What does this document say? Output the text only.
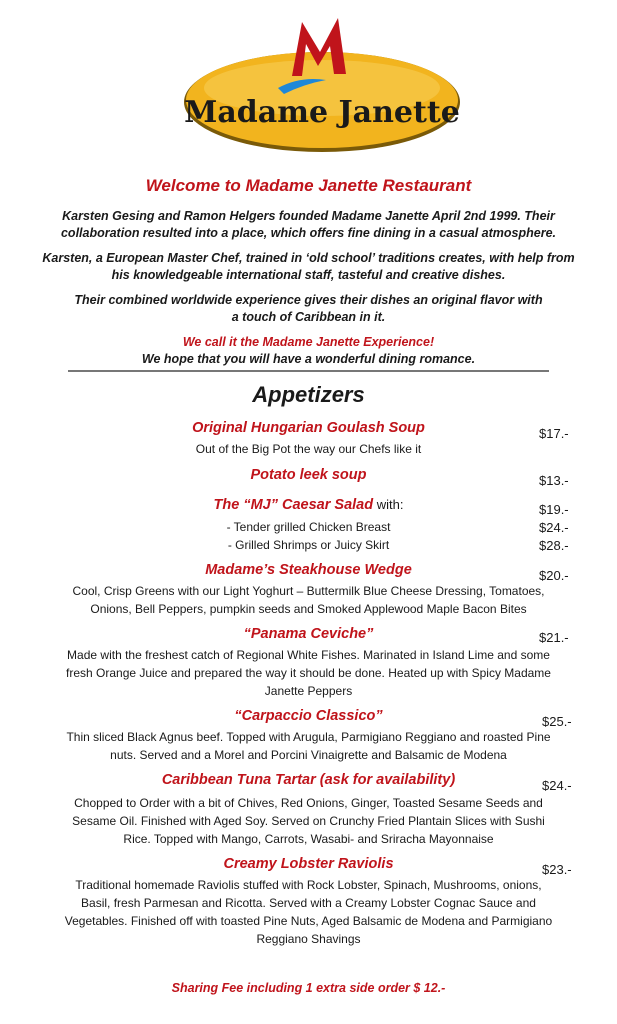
Madame Janette
Welcome to Madame Janette Restaurant

Karsten Gesing and Ramon Helgers founded Madame Janette April 2nd 1999. Their collaboration resulted into a place, which offers fine dining in a casual atmosphere.

Karsten, a European Master Chef, trained in ‘old school’ traditions creates, with help from his knowledgeable international staff, tasteful and creative dishes.

Their combined worldwide experience gives their dishes an original flavor with a touch of Caribbean in it.

We call it the Madame Janette Experience!

We hope that you will have a wonderful dining romance.

Appetizers
Original Hungarian Goulash Soup	$17.-

Out of the Big Pot the way our Chefs like it

Potato leek soup	$13.-
The “MJ” Caesar Salad with:	$19.-
- Tender grilled Chicken Breast	$24.-
- Grilled Shrimps or Juicy Skirt	$28.-
Madame’s Steakhouse Wedge	$20.-

Cool, Crisp Greens with our Light Yoghurt – Buttermilk Blue Cheese Dressing, Tomatoes, Onions, Bell Peppers, pumpkin seeds and Smoked Applewood Maple Bacon Bites

“Panama Ceviche”	$21.-

Made with the freshest catch of Regional White Fishes. Marinated in Island Lime and some fresh Orange Juice and prepared the way it should be done. Heated up with Spicy Madame Janette Peppers

“Carpaccio Classico”	$25.-

Thin sliced Black Agnus beef. Topped with Arugula, Parmigiano Reggiano and roasted Pine nuts. Served and a Morel and Porcini Vinaigrette and Balsamic de Modena

Caribbean Tuna Tartar (ask for availability)	$24.-

Chopped to Order with a bit of Chives, Red Onions, Ginger, Toasted Sesame Seeds and Sesame Oil. Finished with Aged Soy. Served on Crunchy Fried Plantain Slices with Sushi Rice. Topped with Mango, Carrots, Wasabi- and Sriracha Mayonnaise

Creamy Lobster Raviolis	$23.-

Traditional homemade Raviolis stuffed with Rock Lobster, Spinach, Mushrooms, onions, Basil, fresh Parmesan and Ricotta. Served with a Creamy Lobster Cognac Sauce and Vegetables. Finished off with toasted Pine Nuts, Aged Balsamic de Modena and Parmigiano Reggiano Shavings

Sharing Fee including 1 extra side order $ 12.-
